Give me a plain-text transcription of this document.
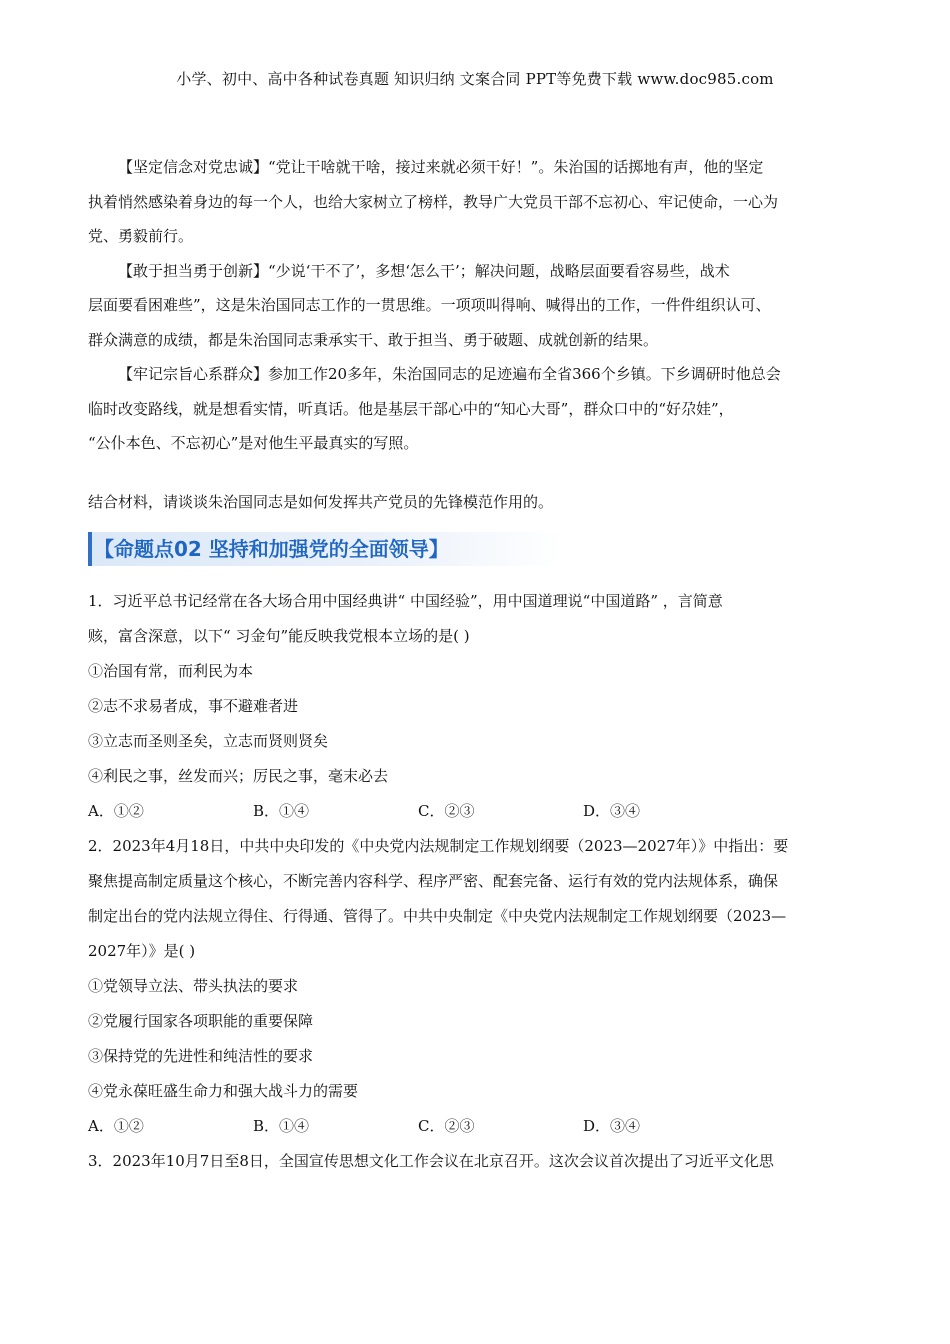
小学、初中、高中各种试卷真题 知识归纳 文案合同 PPT等免费下载 www.doc985.com

【坚定信念对党忠诚】“党让干啥就干啥，接过来就必须干好！”。朱治国的话掷地有声，他的坚定
执着悄然感染着身边的每一个人，也给大家树立了榜样，教导广大党员干部不忘初心、牢记使命，一心为
党、勇毅前行。

【敢于担当勇于创新】“少说‘干不了’，多想‘怎么干’；解决问题，战略层面要看容易些，战术
层面要看困难些”，这是朱治国同志工作的一贯思维。一项项叫得响、喊得出的工作，一件件组织认可、
群众满意的成绩，都是朱治国同志秉承实干、敢于担当、勇于破题、成就创新的结果。

【牢记宗旨心系群众】参加工作20多年，朱治国同志的足迹遍布全省366个乡镇。下乡调研时他总会
临时改变路线，就是想看实情，听真话。他是基层干部心中的“知心大哥”，群众口中的“好尕娃”，
“公仆本色、不忘初心”是对他生平最真实的写照。

结合材料，请谈谈朱治国同志是如何发挥共产党员的先锋模范作用的。
【命题点02 坚持和加强党的全面领导】

1．习近平总书记经常在各大场合用中国经典讲“ 中国经验”，用中国道理说“中国道路” ，言简意

赅，富含深意，以下“ 习金句”能反映我党根本立场的是( )

①治国有常，而利民为本

②志不求易者成，事不避难者进

③立志而圣则圣矣，立志而贤则贤矣

④利民之事，丝发而兴；厉民之事，毫末必去

A．①②	B．①④	C．②③	D．③④

2．2023年4月18日，中共中央印发的《中央党内法规制定工作规划纲要（2023—2027年）》中指出：要

聚焦提高制定质量这个核心，不断完善内容科学、程序严密、配套完备、运行有效的党内法规体系，确保

制定出台的党内法规立得住、行得通、管得了。中共中央制定《中央党内法规制定工作规划纲要（2023—

2027年）》是( )

①党领导立法、带头执法的要求

②党履行国家各项职能的重要保障

③保持党的先进性和纯洁性的要求

④党永葆旺盛生命力和强大战斗力的需要

A．①②	B．①④	C．②③	D．③④

3．2023年10月7日至8日，全国宣传思想文化工作会议在北京召开。这次会议首次提出了习近平文化思
